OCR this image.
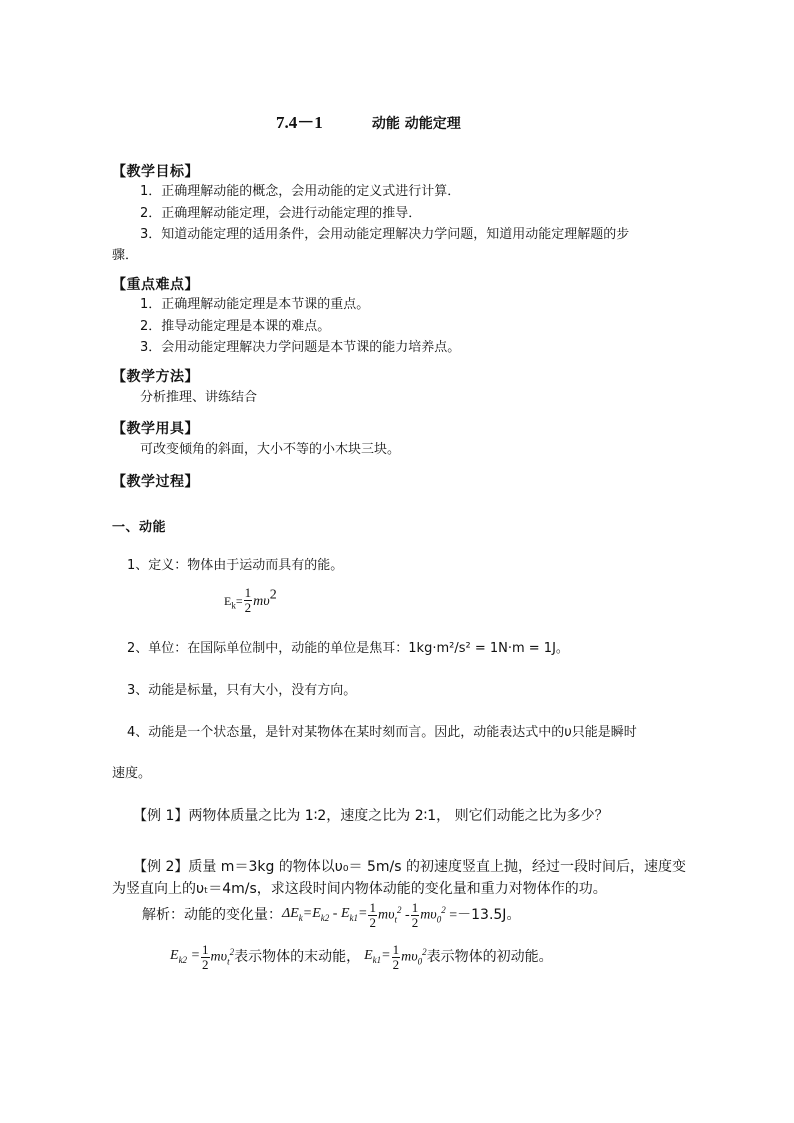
7.4－1	动能 动能定理
【教学目标】
1．正确理解动能的概念，会用动能的定义式进行计算．
2．正确理解动能定理，会进行动能定理的推导．
3．知道动能定理的适用条件，会用动能定理解决力学问题，知道用动能定理解题的步
骤．
【重点难点】
1．正确理解动能定理是本节课的重点。
2．推导动能定理是本课的难点。
3．会用动能定理解决力学问题是本节课的能力培养点。
【教学方法】
分析推理、讲练结合
【教学用具】
可改变倾角的斜面，大小不等的小木块三块。
【教学过程】
一、动能
1、定义：物体由于运动而具有的能。
$E_k= \frac{1}{2} m\upsilon^2$
2、单位：在国际单位制中，动能的单位是焦耳：1kg·m²/s² = 1N·m = 1J。
3、动能是标量，只有大小，没有方向。
4、动能是一个状态量，是针对某物体在某时刻而言。因此，动能表达式中的υ只能是瞬时
速度。
【例 1】两物体质量之比为 1∶2，速度之比为 2∶1， 则它们动能之比为多少？
【例 2】质量 m＝3kg 的物体以υ₀＝ 5m/s 的初速度竖直上抛，经过一段时间后，速度变
为竖直向上的υₜ＝4m/s，求这段时间内物体动能的变化量和重力对物体作的功。
解析：动能的变化量： $\Delta E_k=E_{k2} - E_{k1}= \frac{1}{2} m\upsilon_t^2 - \frac{1}{2} m\upsilon_0^2 = -13.5J$。
$E_{k2} = \frac{1}{2} m\upsilon_t^2$ 表示物体的末动能， $E_{k1}= \frac{1}{2} m\upsilon_0^2$ 表示物体的初动能。
